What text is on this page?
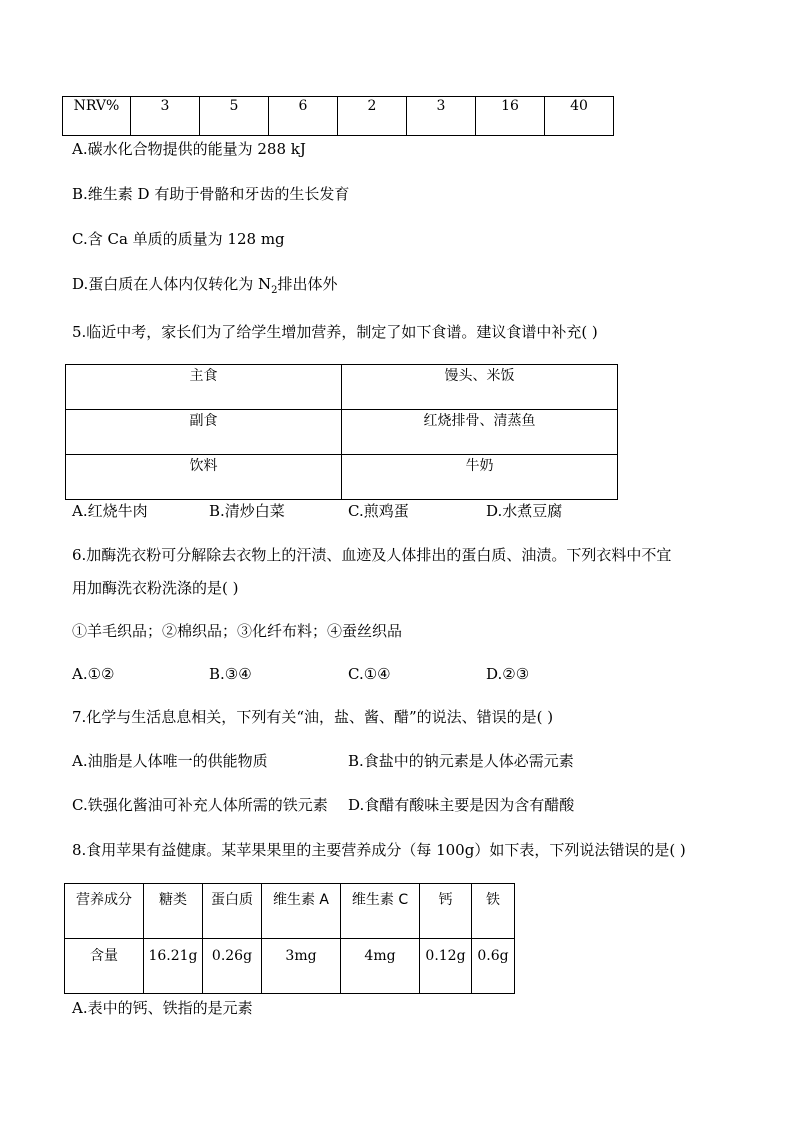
NRV%	3	5	6	2	3	16	40
A.碳水化合物提供的能量为 288 kJ
B.维生素 D 有助于骨骼和牙齿的生长发育
C.含 Ca 单质的质量为 128 mg
D.蛋白质在人体内仅转化为 $N_2$排出体外
5.临近中考，家长们为了给学生增加营养，制定了如下食谱。建议食谱中补充( )
主食	馒头、米饭
副食	红烧排骨、清蒸鱼
饮料	牛奶
A.红烧牛肉	B.清炒白菜	C.煎鸡蛋	D.水煮豆腐
6.加酶洗衣粉可分解除去衣物上的汗渍、血迹及人体排出的蛋白质、油渍。下列衣料中不宜
用加酶洗衣粉洗涤的是( )
①羊毛织品；②棉织品；③化纤布料；④蚕丝织品
A.①②	B.③④	C.①④	D.②③
7.化学与生活息息相关，下列有关“油，盐、酱、醋”的说法、错误的是( )
A.油脂是人体唯一的供能物质	B.食盐中的钠元素是人体必需元素
C.铁强化酱油可补充人体所需的铁元素 D.食醋有酸味主要是因为含有醋酸
8.食用苹果有益健康。某苹果果里的主要营养成分（每 100g）如下表，下列说法错误的是( )
营养成分	糖类	蛋白质	维生素 A	维生素 C	钙	铁
含量	16.21g	0.26g	3mg	4mg	0.12g	0.6g
A.表中的钙、铁指的是元素
